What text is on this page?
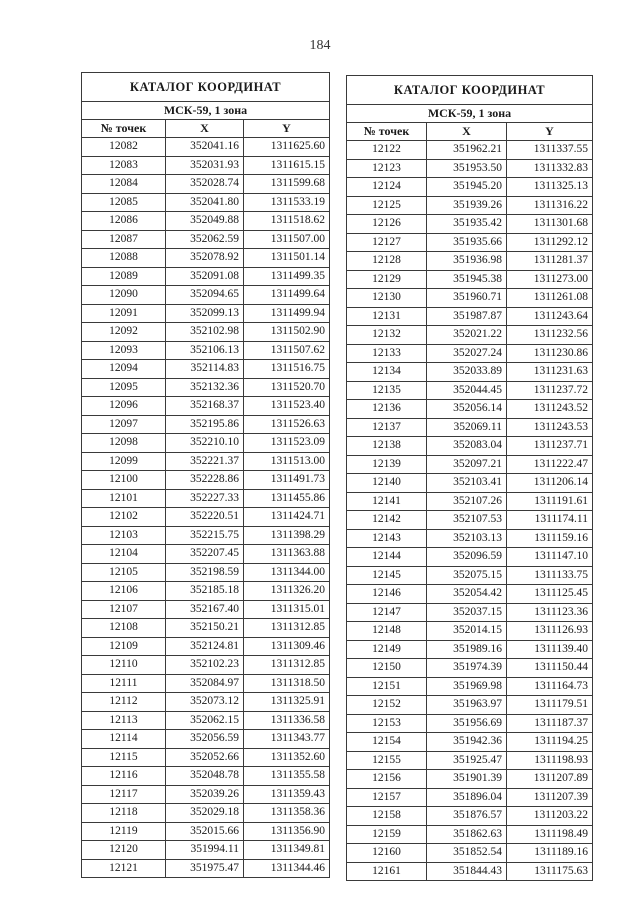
184
КАТАЛОГ КООРДИНАТ		
МСК-59, 1 зона		
№ точек	X	Y
12082	352041.16	1311625.60
12083	352031.93	1311615.15
12084	352028.74	1311599.68
12085	352041.80	1311533.19
12086	352049.88	1311518.62
12087	352062.59	1311507.00
12088	352078.92	1311501.14
12089	352091.08	1311499.35
12090	352094.65	1311499.64
12091	352099.13	1311499.94
12092	352102.98	1311502.90
12093	352106.13	1311507.62
12094	352114.83	1311516.75
12095	352132.36	1311520.70
12096	352168.37	1311523.40
12097	352195.86	1311526.63
12098	352210.10	1311523.09
12099	352221.37	1311513.00
12100	352228.86	1311491.73
12101	352227.33	1311455.86
12102	352220.51	1311424.71
12103	352215.75	1311398.29
12104	352207.45	1311363.88
12105	352198.59	1311344.00
12106	352185.18	1311326.20
12107	352167.40	1311315.01
12108	352150.21	1311312.85
12109	352124.81	1311309.46
12110	352102.23	1311312.85
12111	352084.97	1311318.50
12112	352073.12	1311325.91
12113	352062.15	1311336.58
12114	352056.59	1311343.77
12115	352052.66	1311352.60
12116	352048.78	1311355.58
12117	352039.26	1311359.43
12118	352029.18	1311358.36
12119	352015.66	1311356.90
12120	351994.11	1311349.81
12121	351975.47	1311344.46
КАТАЛОГ КООРДИНАТ		
МСК-59, 1 зона		
№ точек	X	Y
12122	351962.21	1311337.55
12123	351953.50	1311332.83
12124	351945.20	1311325.13
12125	351939.26	1311316.22
12126	351935.42	1311301.68
12127	351935.66	1311292.12
12128	351936.98	1311281.37
12129	351945.38	1311273.00
12130	351960.71	1311261.08
12131	351987.87	1311243.64
12132	352021.22	1311232.56
12133	352027.24	1311230.86
12134	352033.89	1311231.63
12135	352044.45	1311237.72
12136	352056.14	1311243.52
12137	352069.11	1311243.53
12138	352083.04	1311237.71
12139	352097.21	1311222.47
12140	352103.41	1311206.14
12141	352107.26	1311191.61
12142	352107.53	1311174.11
12143	352103.13	1311159.16
12144	352096.59	1311147.10
12145	352075.15	1311133.75
12146	352054.42	1311125.45
12147	352037.15	1311123.36
12148	352014.15	1311126.93
12149	351989.16	1311139.40
12150	351974.39	1311150.44
12151	351969.98	1311164.73
12152	351963.97	1311179.51
12153	351956.69	1311187.37
12154	351942.36	1311194.25
12155	351925.47	1311198.93
12156	351901.39	1311207.89
12157	351896.04	1311207.39
12158	351876.57	1311203.22
12159	351862.63	1311198.49
12160	351852.54	1311189.16
12161	351844.43	1311175.63
